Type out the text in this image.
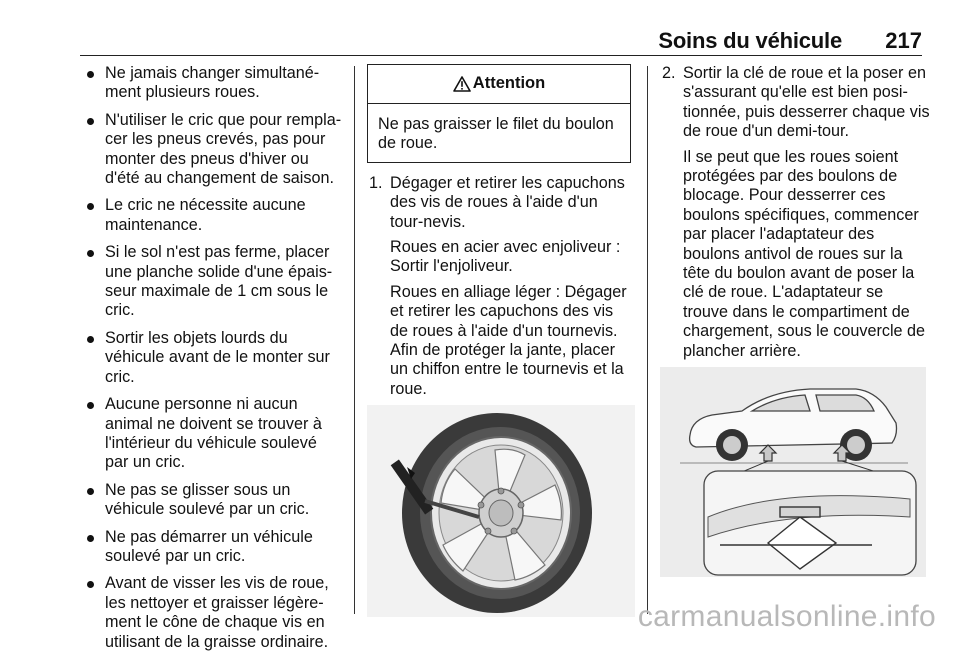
Soins du véhicule 217
Ne jamais changer simultané-ment plusieurs roues.
N'utiliser le cric que pour rempla-cer les pneus crevés, pas pour monter des pneus d'hiver ou d'été au changement de saison.
Le cric ne nécessite aucune maintenance.
Si le sol n'est pas ferme, placer une planche solide d'une épais-seur maximale de 1 cm sous le cric.
Sortir les objets lourds du véhicule avant de le monter sur cric.
Aucune personne ni aucun animal ne doivent se trouver à l'intérieur du véhicule soulevé par un cric.
Ne pas se glisser sous un véhicule soulevé par un cric.
Ne pas démarrer un véhicule soulevé par un cric.
Avant de visser les vis de roue, les nettoyer et graisser légère-ment le cône de chaque vis en utilisant de la graisse ordinaire.
Attention
Ne pas graisser le filet du boulon de roue.
1. Dégager et retirer les capuchons des vis de roues à l'aide d'un tour-nevis.

Roues en acier avec enjoliveur : Sortir l'enjoliveur.

Roues en alliage léger : Dégager et retirer les capuchons des vis de roues à l'aide d'un tournevis. Afin de protéger la jante, placer un chiffon entre le tournevis et la roue.

2. Sortir la clé de roue et la poser en s'assurant qu'elle est bien posi-tionnée, puis desserrer chaque vis de roue d'un demi-tour.

Il se peut que les roues soient protégées par des boulons de blocage. Pour desserrer ces boulons spécifiques, commencer par placer l'adaptateur des boulons antivol de roues sur la tête du boulon avant de poser la clé de roue. L'adaptateur se trouve dans le compartiment de chargement, sous le couvercle de plancher arrière.

carmanualsonline.info
